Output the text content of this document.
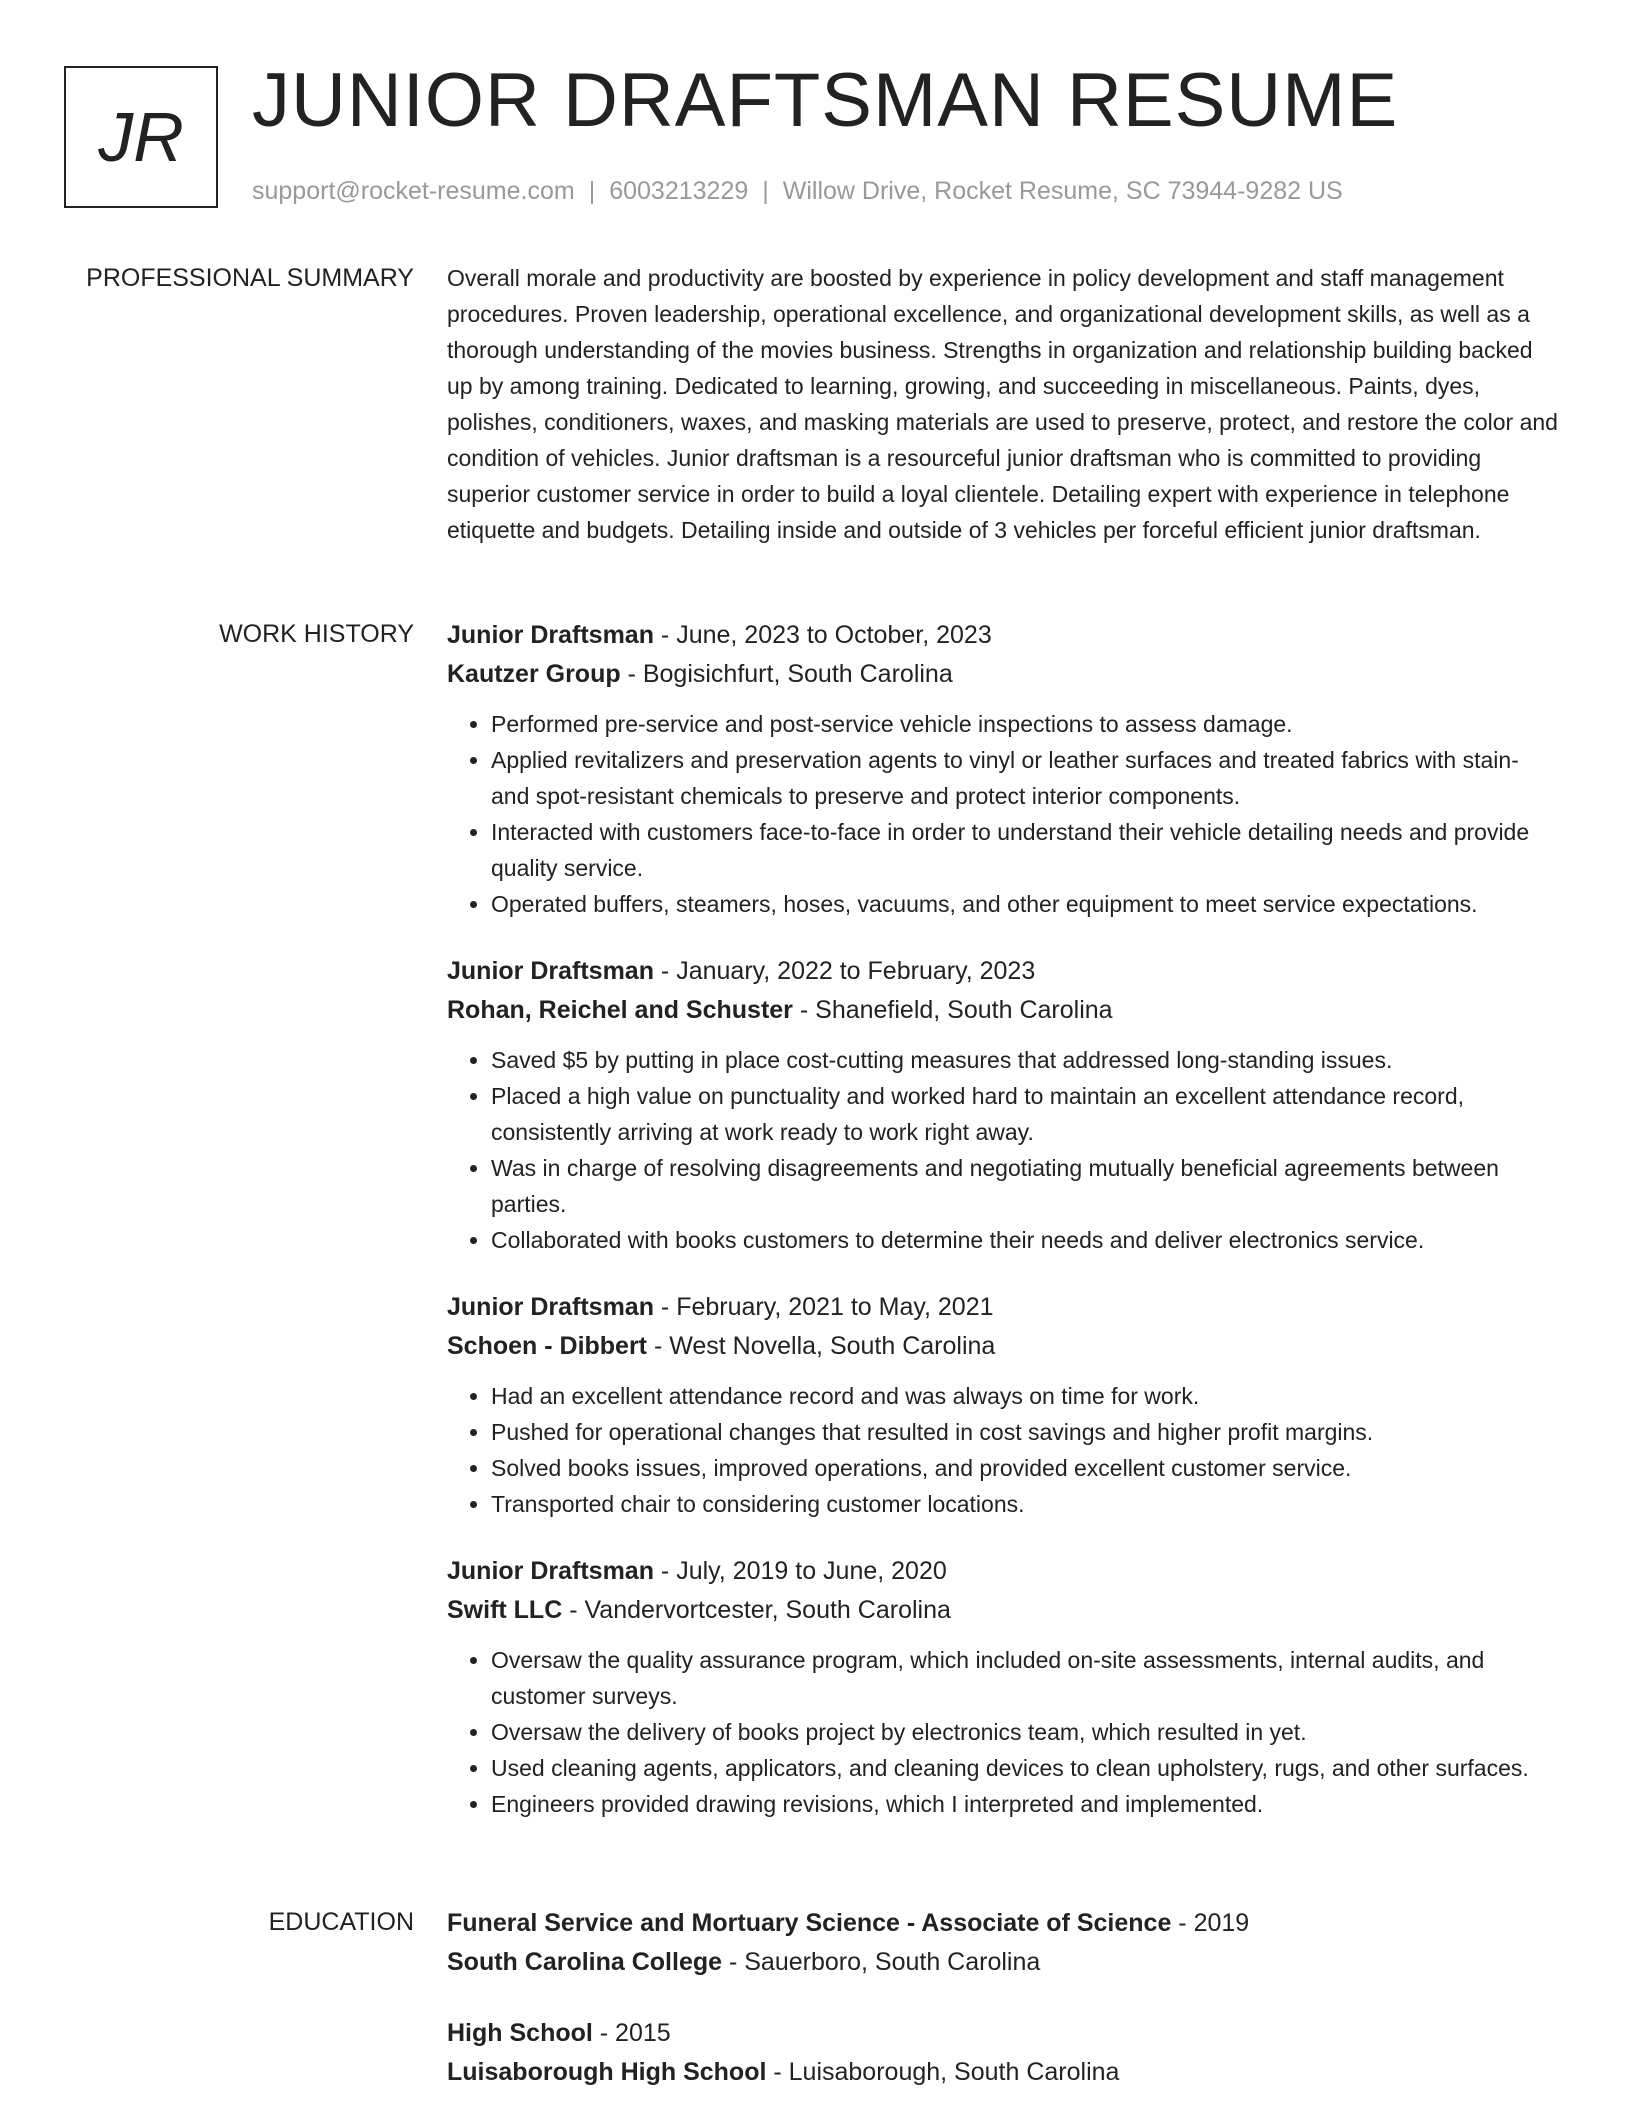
JR JUNIOR DRAFTSMAN RESUME
support@rocket-resume.com | 6003213229 | Willow Drive, Rocket Resume, SC 73944-9282 US
PROFESSIONAL SUMMARY Overall morale and productivity are boosted by experience in policy development and staff management procedures. Proven leadership, operational excellence, and organizational development skills, as well as a thorough understanding of the movies business. Strengths in organization and relationship building backed up by among training. Dedicated to learning, growing, and succeeding in miscellaneous. Paints, dyes, polishes, conditioners, waxes, and masking materials are used to preserve, protect, and restore the color and condition of vehicles. Junior draftsman is a resourceful junior draftsman who is committed to providing superior customer service in order to build a loyal clientele. Detailing expert with experience in telephone etiquette and budgets. Detailing inside and outside of 3 vehicles per forceful efficient junior draftsman.

WORK HISTORY Junior Draftsman - June, 2023 to October, 2023
Kautzer Group - Bogisichfurt, South Carolina
• Performed pre-service and post-service vehicle inspections to assess damage.
• Applied revitalizers and preservation agents to vinyl or leather surfaces and treated fabrics with stain- and spot-resistant chemicals to preserve and protect interior components.
• Interacted with customers face-to-face in order to understand their vehicle detailing needs and provide quality service.
• Operated buffers, steamers, hoses, vacuums, and other equipment to meet service expectations.
Junior Draftsman - January, 2022 to February, 2023
Rohan, Reichel and Schuster - Shanefield, South Carolina
• Saved $5 by putting in place cost-cutting measures that addressed long-standing issues.
• Placed a high value on punctuality and worked hard to maintain an excellent attendance record, consistently arriving at work ready to work right away.
• Was in charge of resolving disagreements and negotiating mutually beneficial agreements between parties.
• Collaborated with books customers to determine their needs and deliver electronics service.
Junior Draftsman - February, 2021 to May, 2021
Schoen - Dibbert - West Novella, South Carolina
• Had an excellent attendance record and was always on time for work.
• Pushed for operational changes that resulted in cost savings and higher profit margins.
• Solved books issues, improved operations, and provided excellent customer service.
• Transported chair to considering customer locations.
Junior Draftsman - July, 2019 to June, 2020
Swift LLC - Vandervortcester, South Carolina
• Oversaw the quality assurance program, which included on-site assessments, internal audits, and customer surveys.
• Oversaw the delivery of books project by electronics team, which resulted in yet.
• Used cleaning agents, applicators, and cleaning devices to clean upholstery, rugs, and other surfaces.
• Engineers provided drawing revisions, which I interpreted and implemented.
EDUCATION Funeral Service and Mortuary Science - Associate of Science - 2019
South Carolina College - Sauerboro, South Carolina
High School - 2015
Luisaborough High School - Luisaborough, South Carolina
